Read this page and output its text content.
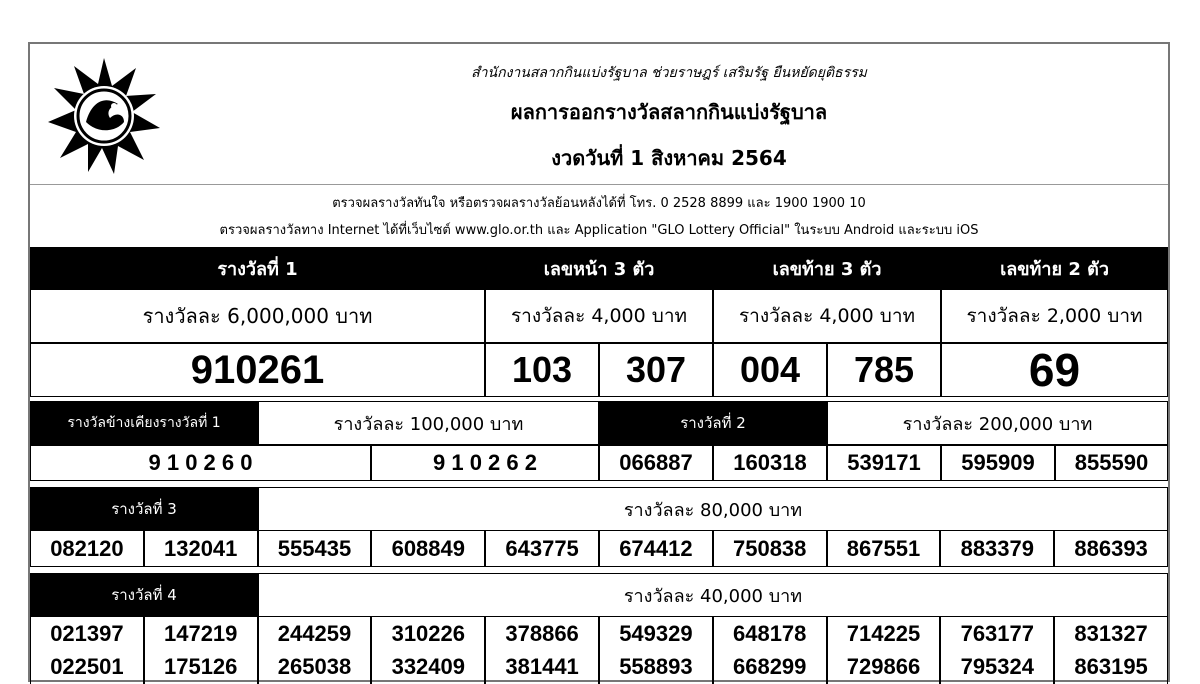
สำนักงานสลากกินแบ่งรัฐบาล ช่วยราษฎร์ เสริมรัฐ ยืนหยัดยุติธรรม
ผลการออกรางวัลสลากกินแบ่งรัฐบาล
งวดวันที่ 1 สิงหาคม 2564
ตรวจผลรางวัลทันใจ หรือตรวจผลรางวัลย้อนหลังได้ที่ โทร. 0 2528 8899 และ 1900 1900 10
ตรวจผลรางวัลทาง Internet ได้ที่เว็บไซต์ www.glo.or.th และ Application "GLO Lottery Official" ในระบบ Android และระบบ iOS
รางวัลที่ 1	เลขหน้า 3 ตัว	เลขท้าย 3 ตัว	เลขท้าย 2 ตัว
รางวัลละ 6,000,000 บาท	รางวัลละ 4,000 บาท	รางวัลละ 4,000 บาท	รางวัลละ 2,000 บาท
910261	103	307	004	785	69
รางวัลข้างเคียงรางวัลที่ 1	รางวัลละ 100,000 บาท	รางวัลที่ 2	รางวัลละ 200,000 บาท
9 1 0 2 6 0	9 1 0 2 6 2	066887	160318	539171	595909	855590
รางวัลที่ 3	รางวัลละ 80,000 บาท
082120	132041	555435	608849	643775	674412	750838	867551	883379	886393
รางวัลที่ 4	รางวัลละ 40,000 บาท
021397	147219	244259	310226	378866	549329	648178	714225	763177	831327
022501	175126	265038	332409	381441	558893	668299	729866	795324	863195
